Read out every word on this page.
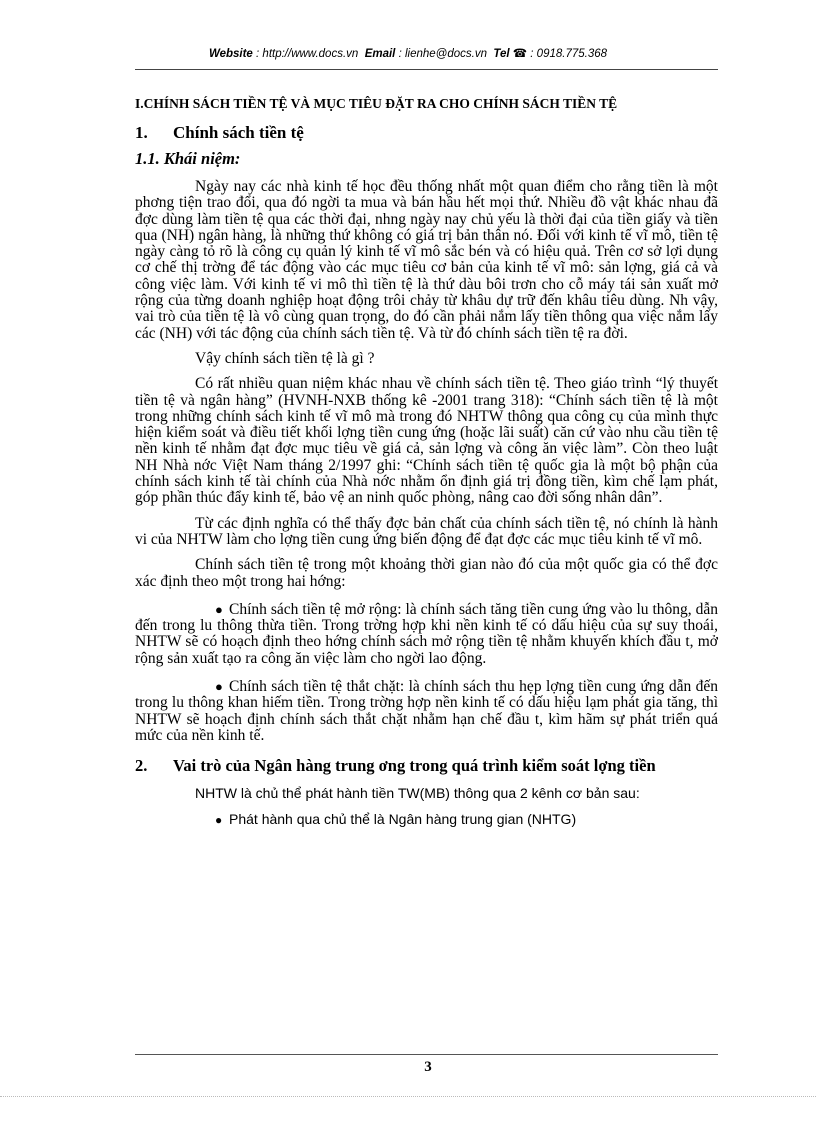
Website : http://www.docs.vn Email : lienhe@docs.vn Tel ☎ : 0918.775.368
I.CHÍNH SÁCH TIỀN TỆ VÀ MỤC TIÊU ĐẶT RA CHO CHÍNH SÁCH TIỀN TỆ
1.	Chính sách tiền tệ
1.1. Khái niệm:

Ngày nay các nhà kinh tế học đều thống nhất một quan điểm cho rằng tiền là một phơng tiện trao đổi, qua đó ngời ta mua và bán hầu hết mọi thứ. Nhiều đồ vật khác nhau đã đợc dùng làm tiền tệ qua các thời đại, nhng ngày nay chủ yếu là thời đại của tiền giấy và tiền qua (NH) ngân hàng, là những thứ không có giá trị bản thân nó. Đối với kinh tế vĩ mô, tiền tệ ngày càng tỏ rõ là công cụ quản lý kinh tế vĩ mô sắc bén và có hiệu quả. Trên cơ sở lợi dụng cơ chế thị trờng để tác động vào các mục tiêu cơ bản của kinh tế vĩ mô: sản lợng, giá cả và công việc làm. Với kinh tế vi mô thì tiền tệ là thứ dàu bôi trơn cho cỗ máy tái sản xuất mở rộng của từng doanh nghiệp hoạt động trôi chảy từ khâu dự trữ đến khâu tiêu dùng. Nh vậy, vai trò của tiền tệ là vô cùng quan trọng, do đó cần phải nắm lấy tiền thông qua việc nắm lấy các (NH) với tác động của chính sách tiền tệ. Và từ đó chính sách tiền tệ ra đời.

Vậy chính sách tiền tệ là gì ?

Có rất nhiều quan niệm khác nhau về chính sách tiền tệ. Theo giáo trình “lý thuyết tiền tệ và ngân hàng” (HVNH-NXB thống kê -2001 trang 318): “Chính sách tiền tệ là một trong những chính sách kinh tế vĩ mô mà trong đó NHTW thông qua công cụ của mình thực hiện kiểm soát và điều tiết khối lợng tiền cung ứng (hoặc lãi suất) căn cứ vào nhu cầu tiền tệ nền kinh tế nhằm đạt đợc mục tiêu về giá cả, sản lợng và công ăn việc làm”. Còn theo luật NH Nhà nớc Việt Nam tháng 2/1997 ghi: “Chính sách tiền tệ quốc gia là một bộ phận của chính sách kinh tế tài chính của Nhà nớc nhằm ổn định giá trị đồng tiền, kìm chế lạm phát, góp phần thúc đẩy kinh tế, bảo vệ an ninh quốc phòng, nâng cao đời sống nhân dân”.

Từ các định nghĩa có thể thấy đợc bản chất của chính sách tiền tệ, nó chính là hành vi của NHTW làm cho lợng tiền cung ứng biến động để đạt đợc các mục tiêu kinh tế vĩ mô.

Chính sách tiền tệ trong một khoảng thời gian nào đó của một quốc gia có thể đợc xác định theo một trong hai hớng:

● Chính sách tiền tệ mở rộng: là chính sách tăng tiền cung ứng vào lu thông, dẫn đến trong lu thông thừa tiền. Trong trờng hợp khi nền kinh tế có dấu hiệu của sự suy thoái, NHTW sẽ có hoạch định theo hớng chính sách mở rộng tiền tệ nhằm khuyến khích đầu t, mở rộng sản xuất tạo ra công ăn việc làm cho ngời lao động.

● Chính sách tiền tệ thắt chặt: là chính sách thu hẹp lợng tiền cung ứng dẫn đến trong lu thông khan hiếm tiền. Trong trờng hợp nền kinh tế có dấu hiệu lạm phát gia tăng, thì NHTW sẽ hoạch định chính sách thắt chặt nhằm hạn chế đầu t, kìm hãm sự phát triển quá mức của nền kinh tế.

2.	Vai trò của Ngân hàng trung ơng trong quá trình kiểm soát lợng tiền

NHTW là chủ thể phát hành tiền TW(MB) thông qua 2 kênh cơ bản sau:

● Phát hành qua chủ thể là Ngân hàng trung gian (NHTG)

3
